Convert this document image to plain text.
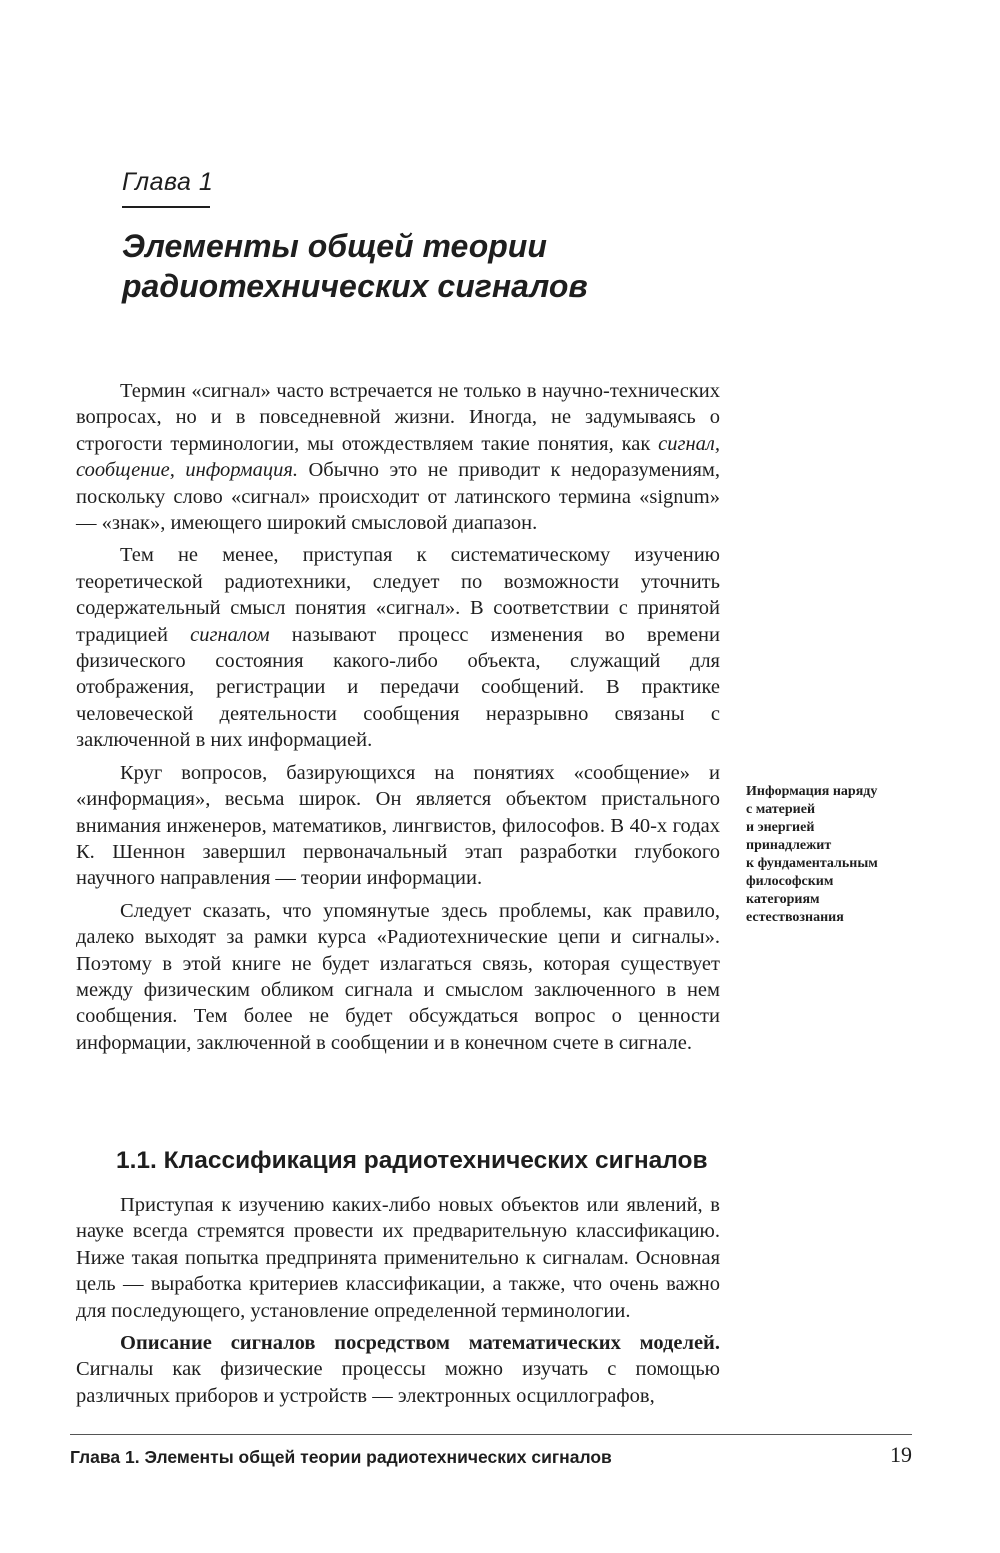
Глава 1
Элементы общей теории
радиотехнических сигналов

Термин «сигнал» часто встречается не только в научно-технических вопросах, но и в повседневной жизни. Иногда, не задумываясь о строгости терминологии, мы отождествляем такие понятия, как сигнал, сообщение, информация. Обычно это не приводит к недоразумениям, поскольку слово «сигнал» происходит от латинского термина «signum» — «знак», имеющего широкий смысловой диапазон.

Тем не менее, приступая к систематическому изучению теоретической радиотехники, следует по возможности уточнить содержательный смысл понятия «сигнал». В соответствии с принятой традицией сигналом называют процесс изменения во времени физического состояния какого-либо объекта, служащий для отображения, регистрации и передачи сообщений. В практике человеческой деятельности сообщения неразрывно связаны с заключенной в них информацией.

Круг вопросов, базирующихся на понятиях «сообщение» и «информация», весьма широк. Он является объектом пристального внимания инженеров, математиков, лингвистов, философов. В 40-х годах К. Шеннон завершил первоначальный этап разработки глубокого научного направления — теории информации.

Следует сказать, что упомянутые здесь проблемы, как правило, далеко выходят за рамки курса «Радиотехнические цепи и сигналы». Поэтому в этой книге не будет излагаться связь, которая существует между физическим обликом сигнала и смыслом заключенного в нем сообщения. Тем более не будет обсуждаться вопрос о ценности информации, заключенной в сообщении и в конечном счете в сигнале.

Информация наряду
с материей
и энергией
принадлежит
к фундаментальным
философским
категориям
естествознания
1.1. Классификация радиотехнических сигналов

Приступая к изучению каких-либо новых объектов или явлений, в науке всегда стремятся провести их предварительную классификацию. Ниже такая попытка предпринята применительно к сигналам. Основная цель — выработка критериев классификации, а также, что очень важно для последующего, установление определенной терминологии.

Описание сигналов посредством математических моделей. Сигналы как физические процессы можно изучать с помощью различных приборов и устройств — электронных осциллографов,

Глава 1. Элементы общей теории радиотехнических сигналов	19
